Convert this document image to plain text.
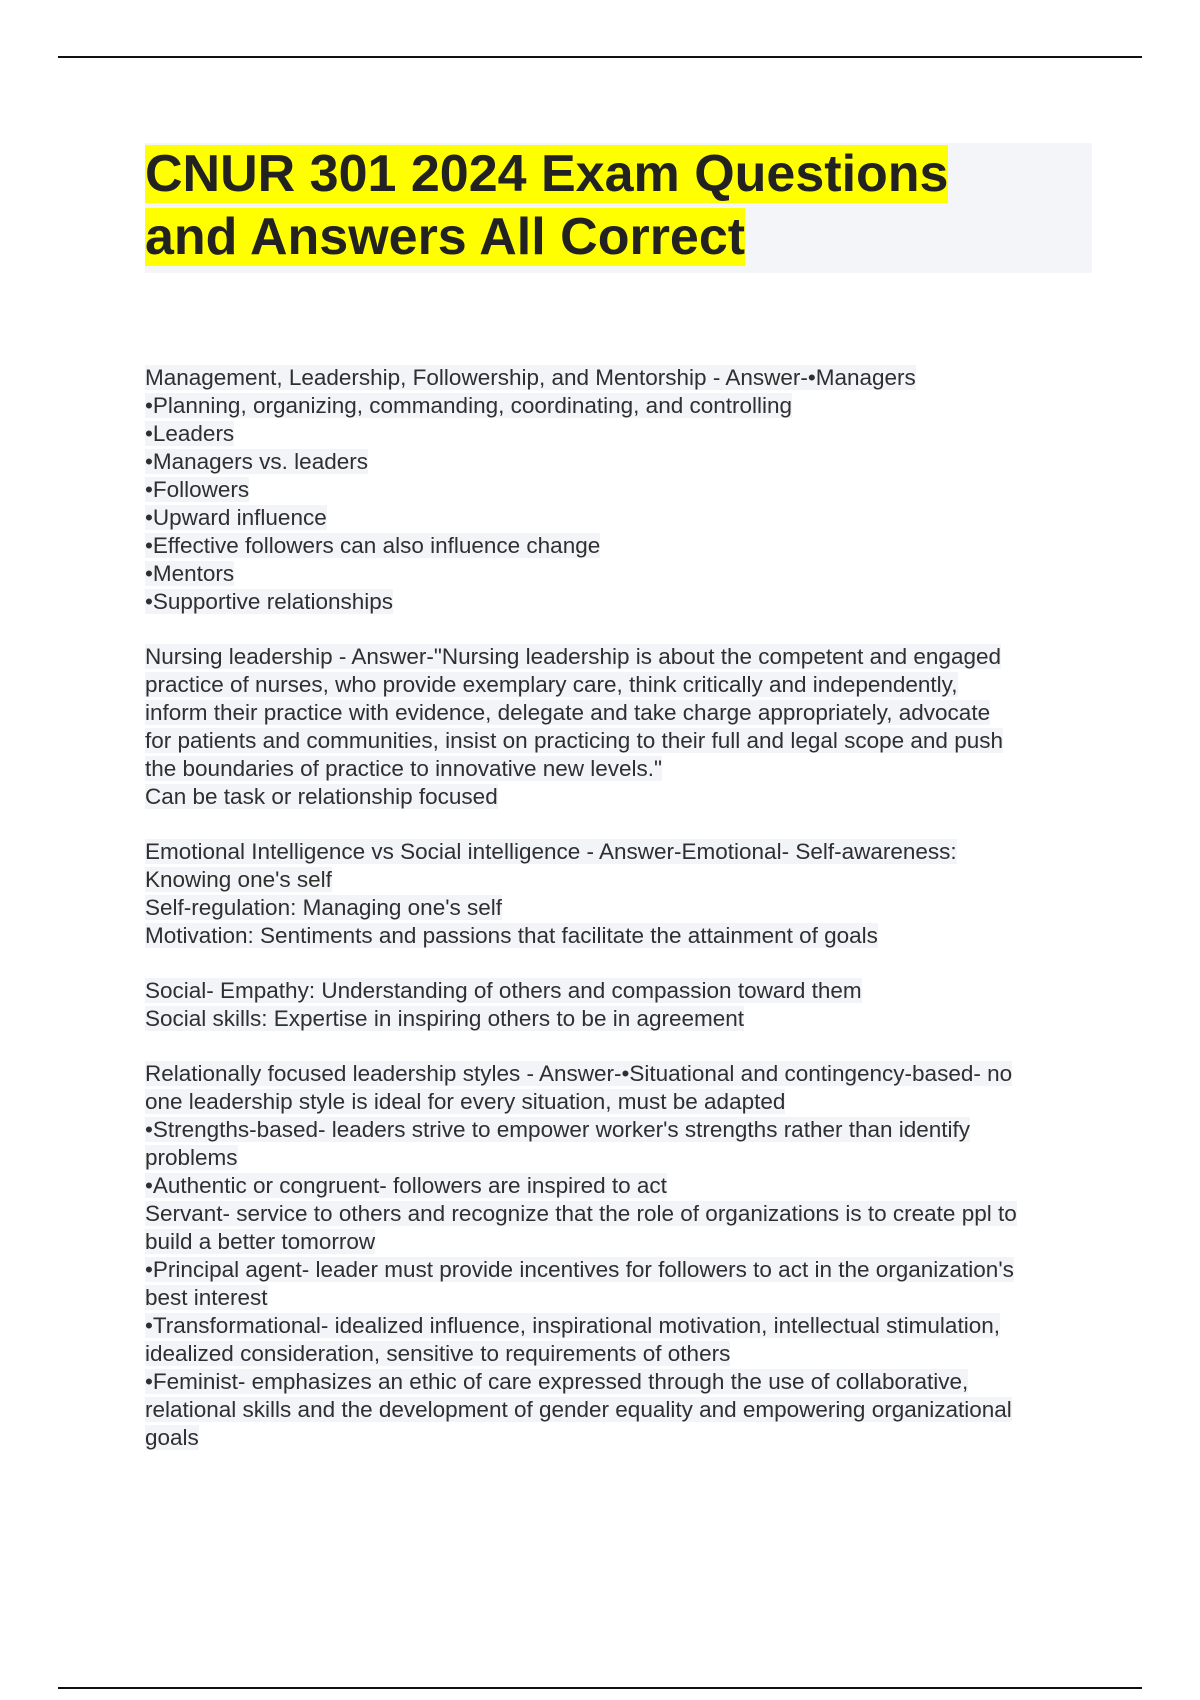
CNUR 301 2024 Exam Questions
and Answers All Correct
Management, Leadership, Followership, and Mentorship - Answer-•Managers
•Planning, organizing, commanding, coordinating, and controlling
•Leaders
•Managers vs. leaders
•Followers
•Upward influence
•Effective followers can also influence change
•Mentors
•Supportive relationships
Nursing leadership - Answer-"Nursing leadership is about the competent and engaged
practice of nurses, who provide exemplary care, think critically and independently,
inform their practice with evidence, delegate and take charge appropriately, advocate
for patients and communities, insist on practicing to their full and legal scope and push
the boundaries of practice to innovative new levels."
Can be task or relationship focused
Emotional Intelligence vs Social intelligence - Answer-Emotional- Self-awareness:
Knowing one's self
Self-regulation: Managing one's self
Motivation: Sentiments and passions that facilitate the attainment of goals
Social- Empathy: Understanding of others and compassion toward them
Social skills: Expertise in inspiring others to be in agreement
Relationally focused leadership styles - Answer-•Situational and contingency-based- no
one leadership style is ideal for every situation, must be adapted
•Strengths-based- leaders strive to empower worker's strengths rather than identify
problems
•Authentic or congruent- followers are inspired to act
Servant- service to others and recognize that the role of organizations is to create ppl to
build a better tomorrow
•Principal agent- leader must provide incentives for followers to act in the organization's
best interest
•Transformational- idealized influence, inspirational motivation, intellectual stimulation,
idealized consideration, sensitive to requirements of others
•Feminist- emphasizes an ethic of care expressed through the use of collaborative,
relational skills and the development of gender equality and empowering organizational
goals
